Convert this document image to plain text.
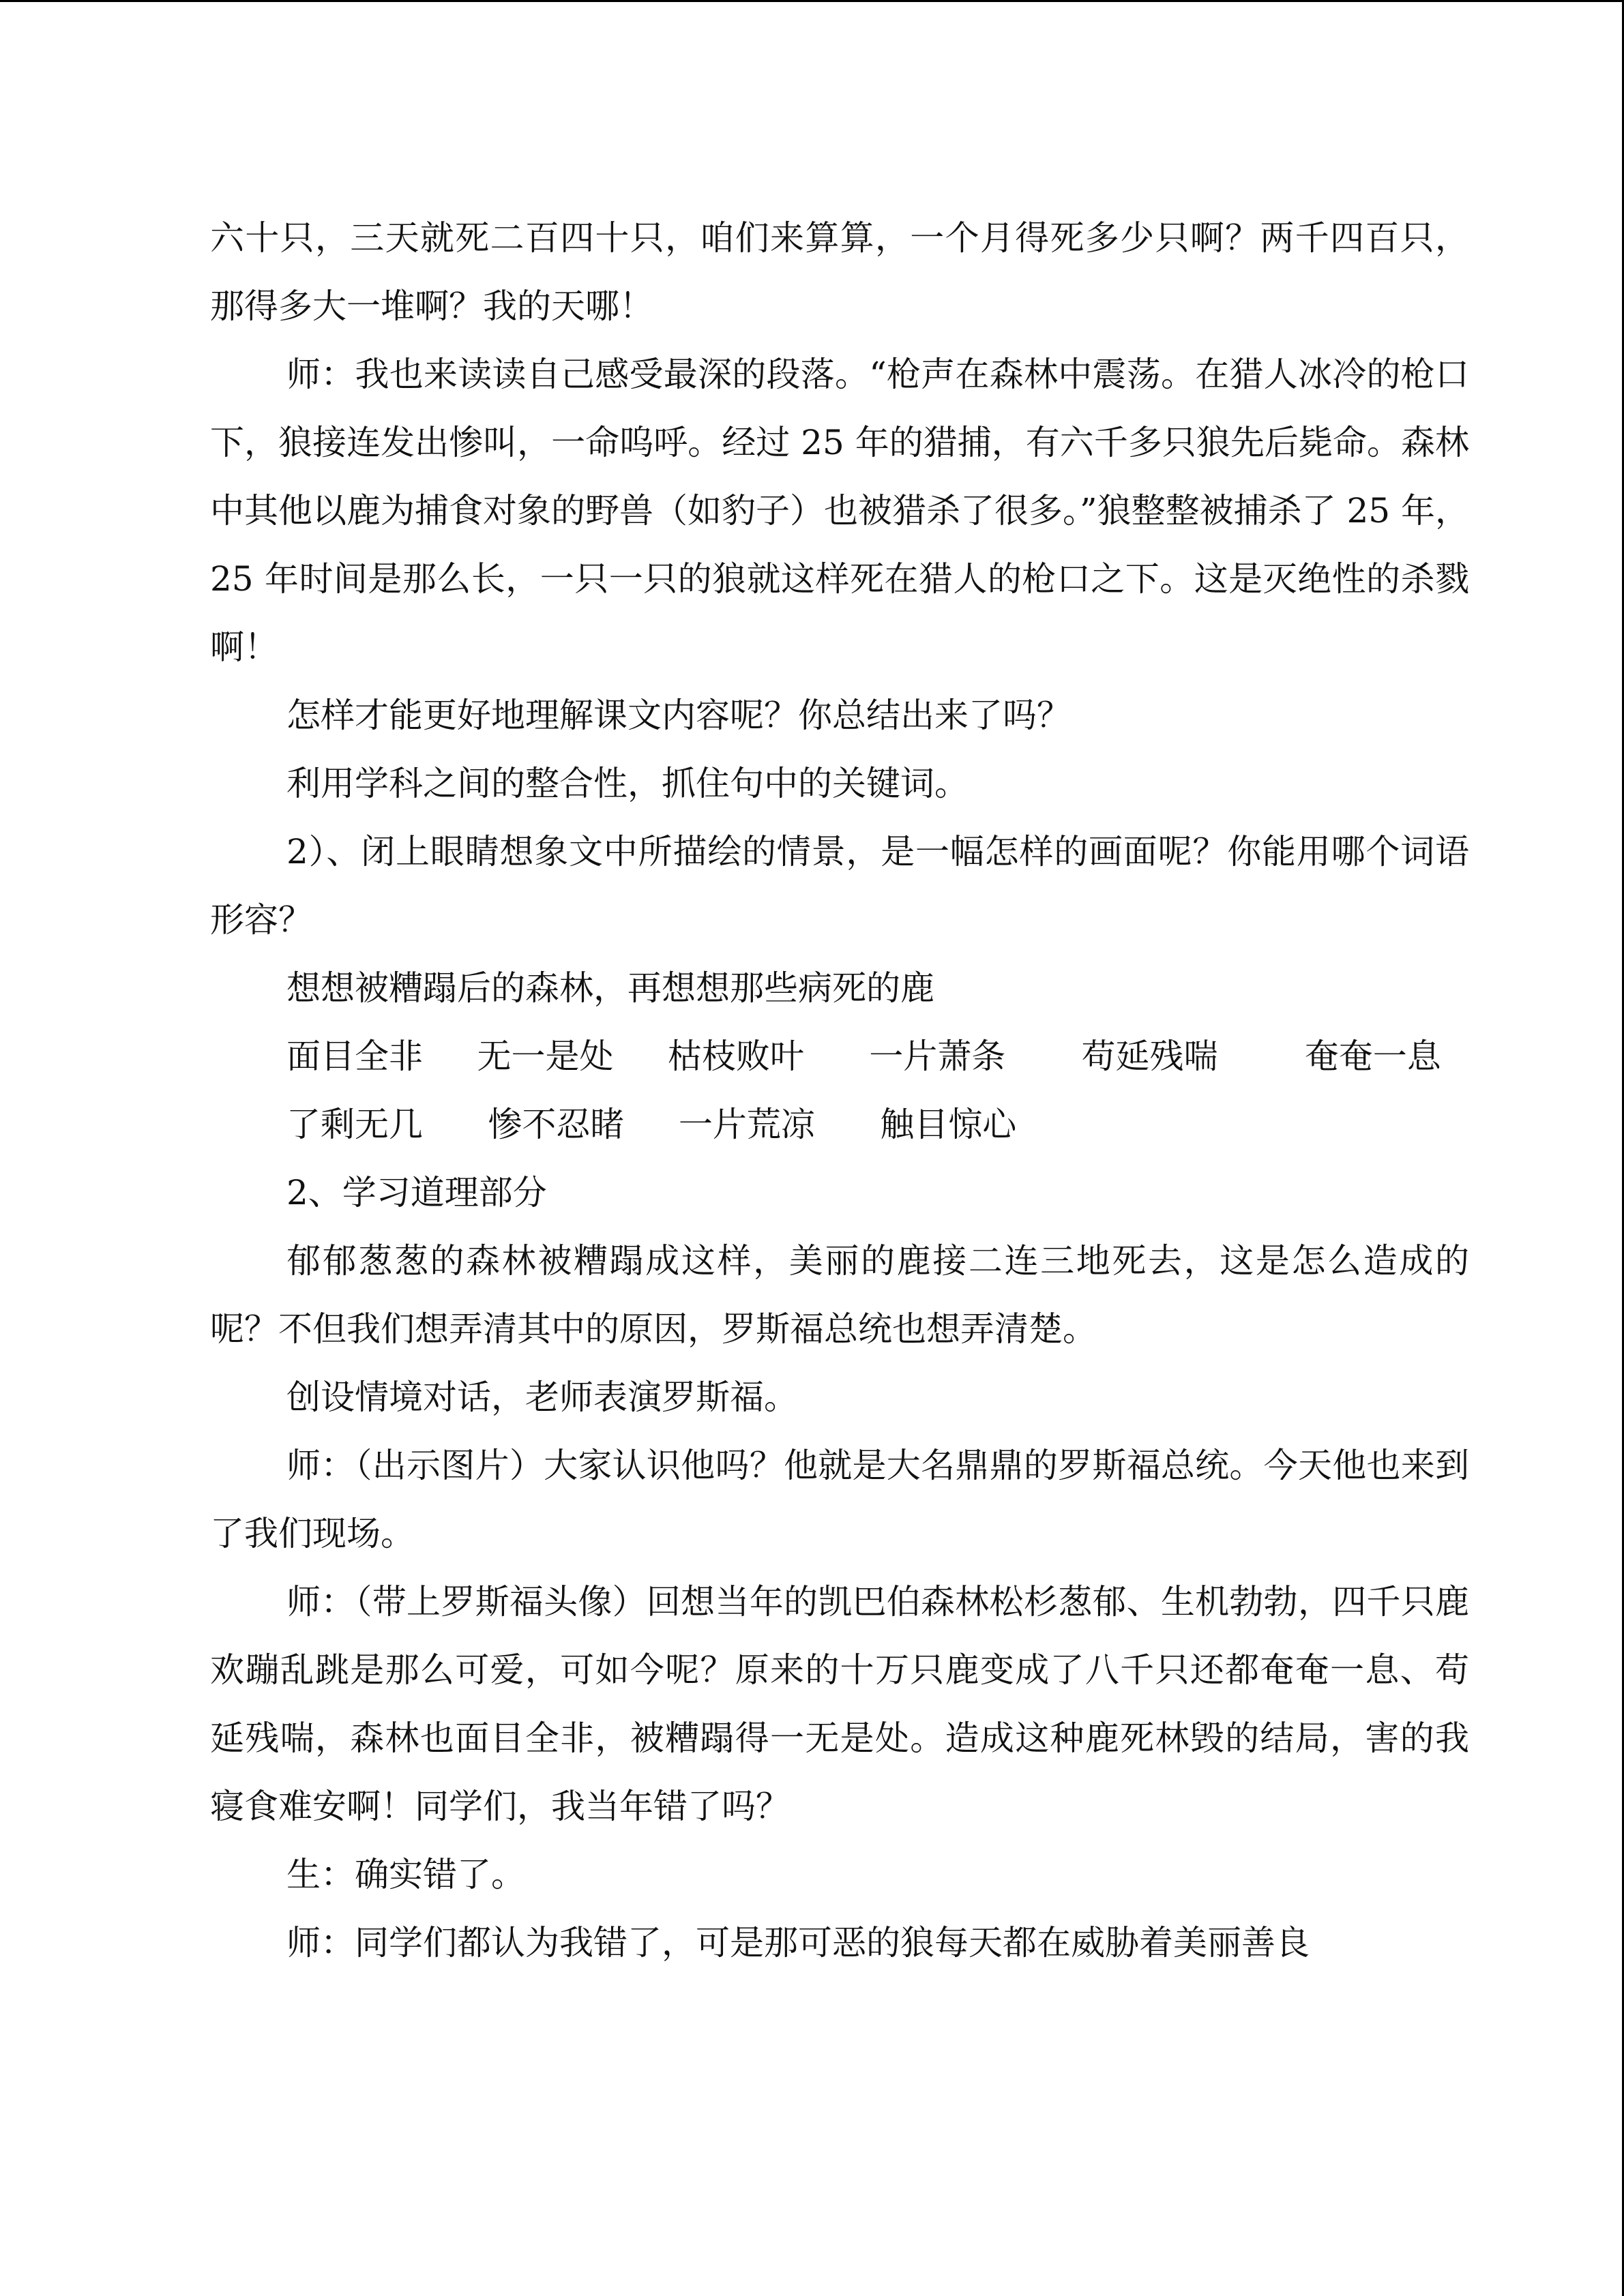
六十只，三天就死二百四十只，咱们来算算，一个月得死多少只啊？两千四百只，那得多大一堆啊？我的天哪！

师：我也来读读自己感受最深的段落。“枪声在森林中震荡。在猎人冰冷的枪口下，狼接连发出惨叫，一命呜呼。经过 25 年的猎捕，有六千多只狼先后毙命。森林中其他以鹿为捕食对象的野兽（如豹子）也被猎杀了很多。”狼整整被捕杀了 25 年，25 年时间是那么长，一只一只的狼就这样死在猎人的枪口之下。这是灭绝性的杀戮啊！

怎样才能更好地理解课文内容呢？你总结出来了吗？

利用学科之间的整合性，抓住句中的关键词。

2）、闭上眼睛想象文中所描绘的情景，是一幅怎样的画面呢？你能用哪个词语形容？

想想被糟蹋后的森林，再想想那些病死的鹿

面目全非     无一是处     枯枝败叶      一片萧条       苟延残喘        奄奄一息

了剩无几      惨不忍睹     一片荒凉      触目惊心

2、学习道理部分

郁郁葱葱的森林被糟蹋成这样，美丽的鹿接二连三地死去，这是怎么造成的呢？不但我们想弄清其中的原因，罗斯福总统也想弄清楚。

创设情境对话，老师表演罗斯福。

师：（出示图片）大家认识他吗？他就是大名鼎鼎的罗斯福总统。今天他也来到了我们现场。

师：（带上罗斯福头像）回想当年的凯巴伯森林松杉葱郁、生机勃勃，四千只鹿欢蹦乱跳是那么可爱，可如今呢？原来的十万只鹿变成了八千只还都奄奄一息、苟延残喘，森林也面目全非，被糟蹋得一无是处。造成这种鹿死林毁的结局，害的我寝食难安啊！同学们，我当年错了吗？

生：确实错了。

师：同学们都认为我错了，可是那可恶的狼每天都在威胁着美丽善良
